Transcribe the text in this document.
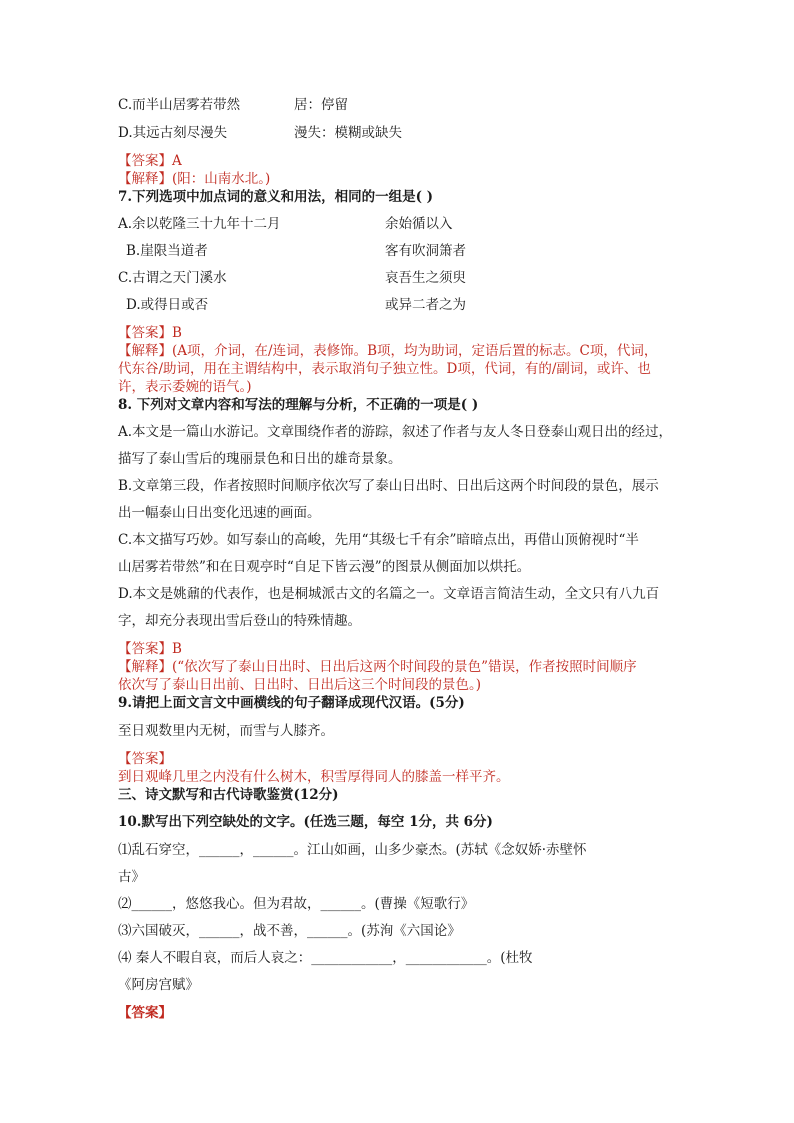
C.而半山居雾若带然	居：停留
D.其远古刻尽漫失	漫失：模糊或缺失
【答案】A
【解释】(阳：山南水北。)
7.下列选项中加点词的意义和用法，相同的一组是( )
A.余以乾隆三十九年十二月	余始循以入
B.崖限当道者	客有吹洞箫者
C.古谓之天门溪水	哀吾生之须臾
D.或得日或否	或异二者之为
【答案】B
【解释】(A项，介词，在/连词，表修饰。B项，均为助词，定语后置的标志。C项，代词，
代东谷/助词，用在主谓结构中，表示取消句子独立性。D项，代词，有的/副词，或许、也
许，表示委婉的语气。)
8. 下列对文章内容和写法的理解与分析，不正确的一项是( )
A.本文是一篇山水游记。文章围绕作者的游踪，叙述了作者与友人冬日登泰山观日出的经过，
描写了泰山雪后的瑰丽景色和日出的雄奇景象。
B.文章第三段，作者按照时间顺序依次写了泰山日出时、日出后这两个时间段的景色，展示
出一幅泰山日出变化迅速的画面。
C.本文描写巧妙。如写泰山的高峻，先用“其级七千有余”暗暗点出，再借山顶俯视时“半
山居雾若带然”和在日观亭时“自足下皆云漫”的图景从侧面加以烘托。
D.本文是姚鼐的代表作，也是桐城派古文的名篇之一。文章语言简洁生动，全文只有八九百
字，却充分表现出雪后登山的特殊情趣。
【答案】B
【解释】(“依次写了泰山日出时、日出后这两个时间段的景色”错误，作者按照时间顺序
依次写了泰山日出前、日出时、日出后这三个时间段的景色。)
9.请把上面文言文中画横线的句子翻译成现代汉语。(5分)
至日观数里内无树，而雪与人膝齐。
【答案】
到日观峰几里之内没有什么树木，积雪厚得同人的膝盖一样平齐。
三、诗文默写和古代诗歌鉴赏(12分)
10.默写出下列空缺处的文字。(任选三题，每空 1分，共 6分)
⑴乱石穿空，______，______。江山如画，山多少豪杰。(苏轼《念奴娇·赤壁怀
古》
⑵______，悠悠我心。但为君故，______。(曹操《短歌行》
⑶六国破灭，______，战不善，______。(苏洵《六国论》
⑷ 秦人不暇自哀，而后人哀之：____________，____________。(杜牧
《阿房宫赋》
【答案】
